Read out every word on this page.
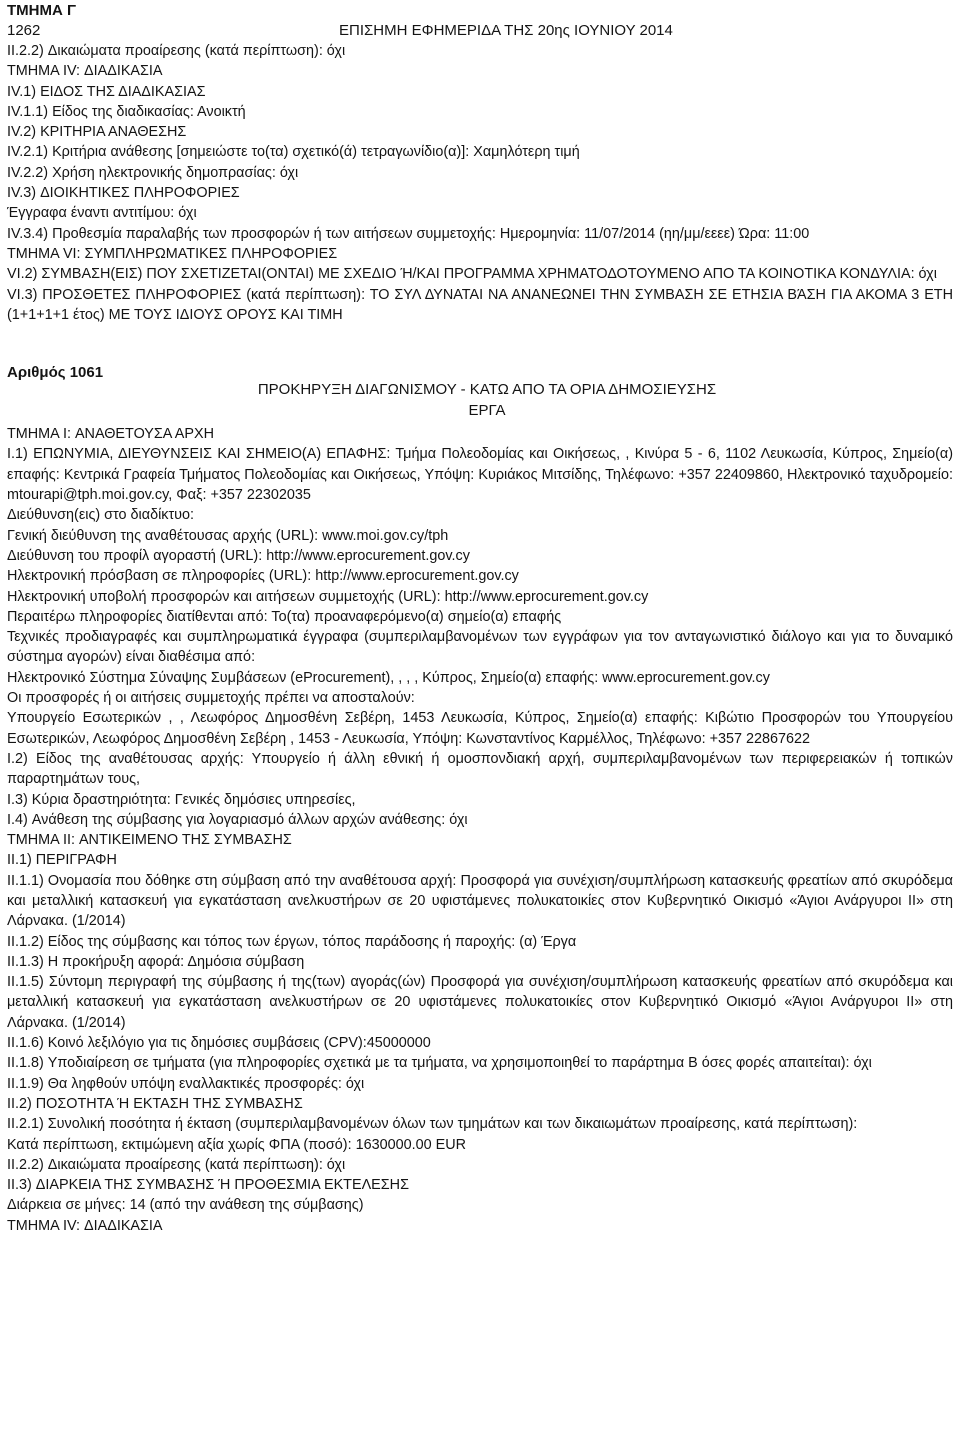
ΤΜΗΜΑ Γ
1262	ΕΠΙΣΗΜΗ ΕΦΗΜΕΡΙΔΑ ΤΗΣ 20ης ΙΟΥΝΙΟΥ 2014

II.2.2) Δικαιώματα προαίρεσης (κατά περίπτωση): όχι

ΤΜΗΜΑ IV: ΔΙΑΔΙΚΑΣΙΑ

IV.1) ΕΙΔΟΣ ΤΗΣ ΔΙΑΔΙΚΑΣΙΑΣ

IV.1.1) Είδος της διαδικασίας: Ανοικτή

IV.2) ΚΡΙΤΗΡΙΑ ΑΝΑΘΕΣΗΣ

IV.2.1) Κριτήρια ανάθεσης [σημειώστε το(τα) σχετικό(ά) τετραγωνίδιο(α)]: Χαμηλότερη τιμή

IV.2.2) Χρήση ηλεκτρονικής δημοπρασίας: όχι

IV.3) ΔΙΟΙΚΗΤΙΚΕΣ ΠΛΗΡΟΦΟΡΙΕΣ

Έγγραφα έναντι αντιτίμου: όχι

IV.3.4) Προθεσμία παραλαβής των προσφορών ή των αιτήσεων συμμετοχής: Ημερομηνία: 11/07/2014 (ηη/μμ/εεεε) Ώρα: 11:00

ΤΜΗΜΑ VI: ΣΥΜΠΛΗΡΩΜΑΤΙΚΕΣ ΠΛΗΡΟΦΟΡΙΕΣ

VI.2) ΣΥΜΒΑΣΗ(ΕΙΣ) ΠΟΥ ΣΧΕΤΙΖΕΤΑΙ(ΟΝΤΑΙ) ΜΕ ΣΧΕΔΙΟ Ή/ΚΑΙ ΠΡΟΓΡΑΜΜΑ ΧΡΗΜΑΤΟΔΟΤΟΥΜΕΝΟ ΑΠΟ ΤΑ ΚΟΙΝΟΤΙΚΑ ΚΟΝΔΥΛΙΑ: όχι

VI.3) ΠΡΟΣΘΕΤΕΣ ΠΛΗΡΟΦΟΡΙΕΣ (κατά περίπτωση): ΤΟ ΣΥΛ ΔΥΝΑΤΑΙ ΝΑ ΑΝΑΝΕΩΝΕΙ ΤΗΝ ΣΥΜΒΑΣΗ ΣΕ ΕΤΗΣΙΑ ΒΆΣΗ ΓΙΑ ΑΚΟΜΑ 3 ΕΤΗ (1+1+1+1 έτος) ΜΕ ΤΟΥΣ ΙΔΙΟΥΣ ΟΡΟΥΣ ΚΑΙ ΤΙΜΗ

Αριθμός 1061
ΠΡΟΚΗΡΥΞΗ ΔΙΑΓΩΝΙΣΜΟΥ - ΚΑΤΩ ΑΠΟ ΤΑ ΟΡΙΑ ΔΗΜΟΣΙΕΥΣΗΣ
ΕΡΓΑ

ΤΜΗΜΑ I: ΑΝΑΘΕΤΟΥΣΑ ΑΡΧΗ

I.1) ΕΠΩΝΥΜΙΑ, ΔΙΕΥΘΥΝΣΕΙΣ ΚΑΙ ΣΗΜΕΙΟ(Α) ΕΠΑΦΗΣ: Τμήμα Πολεοδομίας και Οικήσεως, , Κινύρα 5 - 6, 1102 Λευκωσία, Κύπρος, Σημείο(α) επαφής: Κεντρικά Γραφεία Τμήματος Πολεοδομίας και Οικήσεως, Υπόψη: Κυριάκος Μιτσίδης, Τηλέφωνο: +357 22409860, Ηλεκτρονικό ταχυδρομείο: mtourapi@tph.moi.gov.cy, Φαξ: +357 22302035

Διεύθυνση(εις) στο διαδίκτυο:

Γενική διεύθυνση της αναθέτουσας αρχής (URL): www.moi.gov.cy/tph

Διεύθυνση του προφίλ αγοραστή (URL): http://www.eprocurement.gov.cy

Ηλεκτρονική πρόσβαση σε πληροφορίες (URL): http://www.eprocurement.gov.cy

Ηλεκτρονική υποβολή προσφορών και αιτήσεων συμμετοχής (URL): http://www.eprocurement.gov.cy

Περαιτέρω πληροφορίες διατίθενται από: Το(τα) προαναφερόμενο(α) σημείο(α) επαφής

Τεχνικές προδιαγραφές και συμπληρωματικά έγγραφα (συμπεριλαμβανομένων των εγγράφων για τον ανταγωνιστικό διάλογο και για το δυναμικό σύστημα αγορών) είναι διαθέσιμα από:

Ηλεκτρονικό Σύστημα Σύναψης Συμβάσεων (eProcurement), , , , Κύπρος, Σημείο(α) επαφής: www.eprocurement.gov.cy

Οι προσφορές ή οι αιτήσεις συμμετοχής πρέπει να αποσταλούν:

Υπουργείο Εσωτερικών , , Λεωφόρος Δημοσθένη Σεβέρη, 1453 Λευκωσία, Κύπρος, Σημείο(α) επαφής: Κιβώτιο Προσφορών του Υπουργείου Εσωτερικών, Λεωφόρος Δημοσθένη Σεβέρη , 1453 - Λευκωσία, Υπόψη: Κωνσταντίνος Καρμέλλος, Τηλέφωνο: +357 22867622

I.2) Είδος της αναθέτουσας αρχής: Υπουργείο ή άλλη εθνική ή ομοσπονδιακή αρχή, συμπεριλαμβανομένων των περιφερειακών ή τοπικών παραρτημάτων τους,

I.3) Κύρια δραστηριότητα: Γενικές δημόσιες υπηρεσίες,

I.4) Ανάθεση της σύμβασης για λογαριασμό άλλων αρχών ανάθεσης: όχι

ΤΜΗΜΑ II: ΑΝΤΙΚΕΙΜΕΝΟ ΤΗΣ ΣΥΜΒΑΣΗΣ

II.1) ΠΕΡΙΓΡΑΦΗ

II.1.1) Ονομασία που δόθηκε στη σύμβαση από την αναθέτουσα αρχή: Προσφορά για συνέχιση/συμπλήρωση κατασκευής φρεατίων από σκυρόδεμα και μεταλλική κατασκευή για εγκατάσταση ανελκυστήρων σε 20 υφιστάμενες πολυκατοικίες στον Κυβερνητικό Οικισμό «Άγιοι Ανάργυροι ΙΙ» στη Λάρνακα. (1/2014)

II.1.2) Είδος της σύμβασης και τόπος των έργων, τόπος παράδοσης ή παροχής: (α) Έργα

II.1.3) Η προκήρυξη αφορά: Δημόσια σύμβαση

II.1.5) Σύντομη περιγραφή της σύμβασης ή της(των) αγοράς(ών) Προσφορά για συνέχιση/συμπλήρωση κατασκευής φρεατίων από σκυρόδεμα και μεταλλική κατασκευή για εγκατάσταση ανελκυστήρων σε 20 υφιστάμενες πολυκατοικίες στον Κυβερνητικό Οικισμό «Άγιοι Ανάργυροι ΙΙ» στη Λάρνακα. (1/2014)

II.1.6) Κοινό λεξιλόγιο για τις δημόσιες συμβάσεις (CPV):45000000

II.1.8) Υποδιαίρεση σε τμήματα (για πληροφορίες σχετικά με τα τμήματα, να χρησιμοποιηθεί το παράρτημα Β όσες φορές απαιτείται): όχι

II.1.9) Θα ληφθούν υπόψη εναλλακτικές προσφορές: όχι

II.2) ΠΟΣΟΤΗΤΑ Ή ΕΚΤΑΣΗ ΤΗΣ ΣΥΜΒΑΣΗΣ

II.2.1) Συνολική ποσότητα ή έκταση (συμπεριλαμβανομένων όλων των τμημάτων και των δικαιωμάτων προαίρεσης, κατά περίπτωση):

Κατά περίπτωση, εκτιμώμενη αξία χωρίς ΦΠΑ (ποσό): 1630000.00 EUR

II.2.2) Δικαιώματα προαίρεσης (κατά περίπτωση): όχι

II.3) ΔΙΑΡΚΕΙΑ ΤΗΣ ΣΥΜΒΑΣΗΣ Ή ΠΡΟΘΕΣΜΙΑ ΕΚΤΕΛΕΣΗΣ

Διάρκεια σε μήνες: 14 (από την ανάθεση της σύμβασης)

ΤΜΗΜΑ IV: ΔΙΑΔΙΚΑΣΙΑ
